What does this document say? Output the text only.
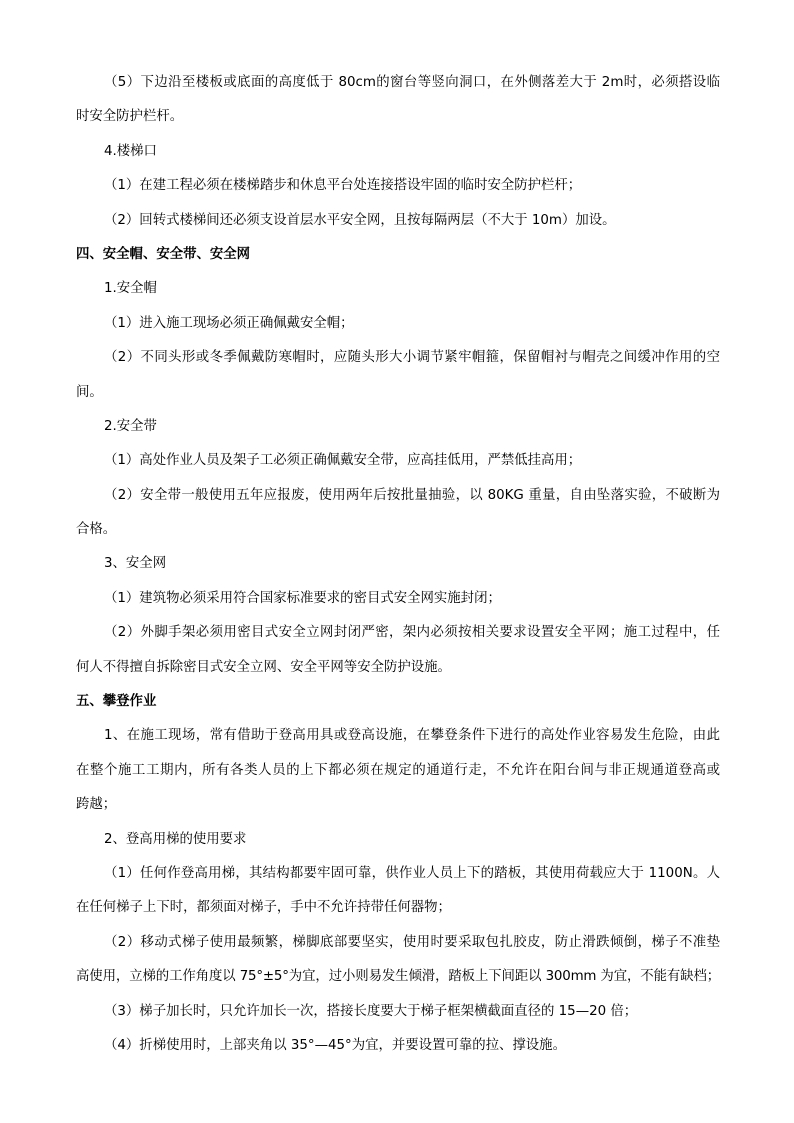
（5）下边沿至楼板或底面的高度低于 80cm的窗台等竖向洞口，在外侧落差大于 2m时，必须搭设临
时安全防护栏杆。
4.楼梯口
（1）在建工程必须在楼梯踏步和休息平台处连接搭设牢固的临时安全防护栏杆；
（2）回转式楼梯间还必须支设首层水平安全网，且按每隔两层（不大于 10m）加设。
四、安全帽、安全带、安全网
1.安全帽
（1）进入施工现场必须正确佩戴安全帽；
（2）不同头形或冬季佩戴防寒帽时，应随头形大小调节紧牢帽箍，保留帽衬与帽壳之间缓冲作用的空
间。
2.安全带
（1）高处作业人员及架子工必须正确佩戴安全带，应高挂低用，严禁低挂高用；
（2）安全带一般使用五年应报废，使用两年后按批量抽验，以 80KG 重量，自由坠落实验，不破断为
合格。
3、安全网
（1）建筑物必须采用符合国家标准要求的密目式安全网实施封闭；
（2）外脚手架必须用密目式安全立网封闭严密，架内必须按相关要求设置安全平网；施工过程中，任
何人不得擅自拆除密目式安全立网、安全平网等安全防护设施。
五、攀登作业
1、在施工现场，常有借助于登高用具或登高设施，在攀登条件下进行的高处作业容易发生危险，由此
在整个施工工期内，所有各类人员的上下都必须在规定的通道行走，不允许在阳台间与非正规通道登高或
跨越；
2、登高用梯的使用要求
（1）任何作登高用梯，其结构都要牢固可靠，供作业人员上下的踏板，其使用荷载应大于 1100N。人
在任何梯子上下时，都须面对梯子，手中不允许持带任何器物；
（2）移动式梯子使用最频繁，梯脚底部要坚实，使用时要采取包扎胶皮，防止滑跌倾倒，梯子不准垫
高使用，立梯的工作角度以 75°±5°为宜，过小则易发生倾滑，踏板上下间距以 300mm 为宜，不能有缺档；
（3）梯子加长时，只允许加长一次，搭接长度要大于梯子框架横截面直径的 15—20 倍；
（4）折梯使用时，上部夹角以 35°—45°为宜，并要设置可靠的拉、撑设施。
